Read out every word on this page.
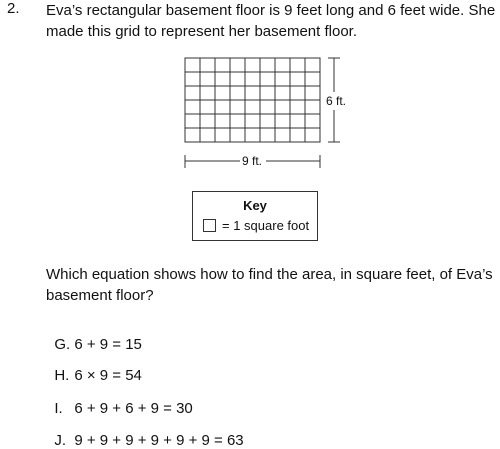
2. Eva’s rectangular basement floor is 9 feet long and 6 feet wide. She made this grid to represent her basement floor.
6 ft.
9 ft.
Key
= 1 square foot
Which equation shows how to find the area, in square feet, of Eva’s basement floor?

G. 6 + 9 = 15

H. 6 × 9 = 54

I. 6 + 9 + 6 + 9 = 30

J. 9 + 9 + 9 + 9 + 9 + 9 = 63
